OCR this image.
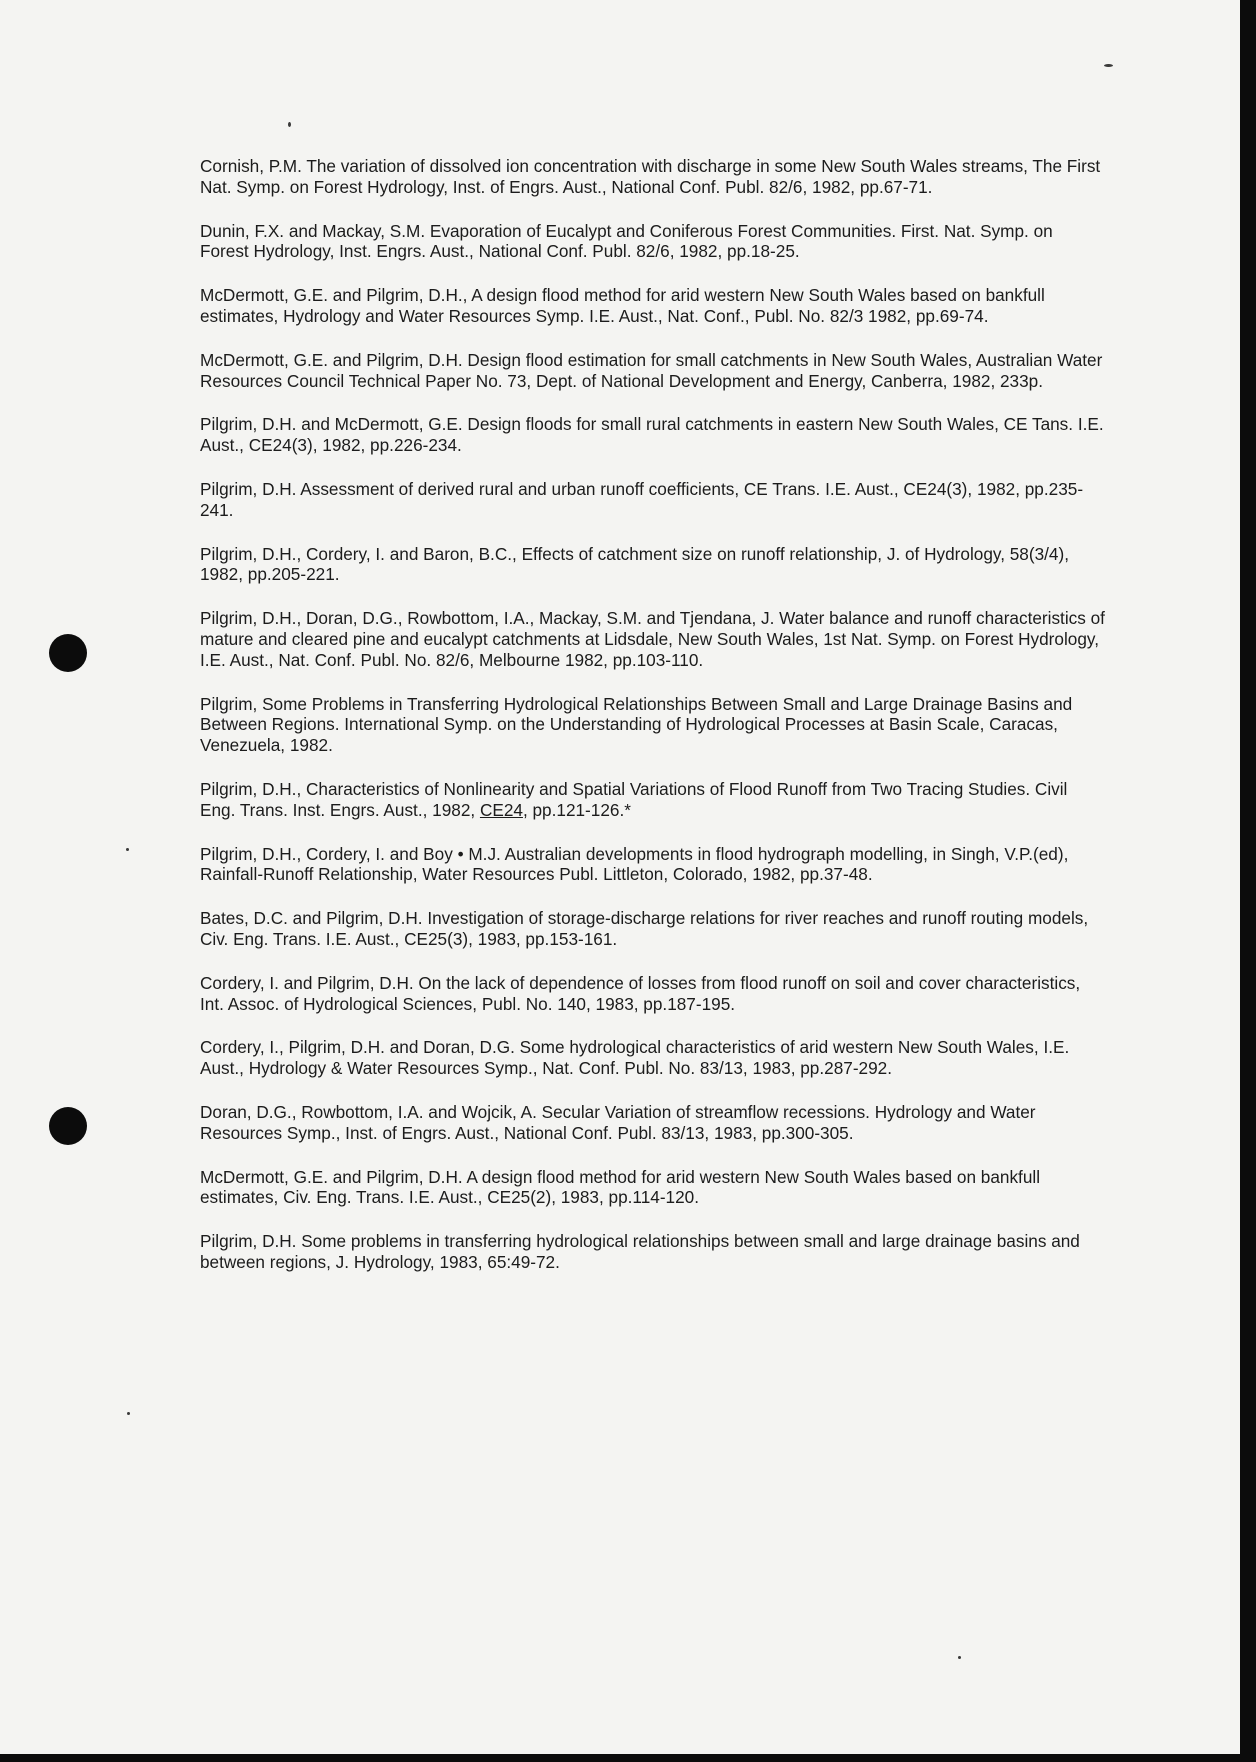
Cornish, P.M. The variation of dissolved ion concentration with discharge in some New South Wales streams, The First Nat. Symp. on Forest Hydrology, Inst. of Engrs. Aust., National Conf. Publ. 82/6, 1982, pp.67-71.
Dunin, F.X. and Mackay, S.M. Evaporation of Eucalypt and Coniferous Forest Communities. First. Nat. Symp. on Forest Hydrology, Inst. Engrs. Aust., National Conf. Publ. 82/6, 1982, pp.18-25.
McDermott, G.E. and Pilgrim, D.H., A design flood method for arid western New South Wales based on bankfull estimates, Hydrology and Water Resources Symp. I.E. Aust., Nat. Conf., Publ. No. 82/3 1982, pp.69-74.
McDermott, G.E. and Pilgrim, D.H. Design flood estimation for small catchments in New South Wales, Australian Water Resources Council Technical Paper No. 73, Dept. of National Development and Energy, Canberra, 1982, 233p.
Pilgrim, D.H. and McDermott, G.E. Design floods for small rural catchments in eastern New South Wales, CE Tans. I.E. Aust., CE24(3), 1982, pp.226-234.
Pilgrim, D.H. Assessment of derived rural and urban runoff coefficients, CE Trans. I.E. Aust., CE24(3), 1982, pp.235-241.
Pilgrim, D.H., Cordery, I. and Baron, B.C., Effects of catchment size on runoff relationship, J. of Hydrology, 58(3/4), 1982, pp.205-221.
Pilgrim, D.H., Doran, D.G., Rowbottom, I.A., Mackay, S.M. and Tjendana, J. Water balance and runoff characteristics of mature and cleared pine and eucalypt catchments at Lidsdale, New South Wales, 1st Nat. Symp. on Forest Hydrology, I.E. Aust., Nat. Conf. Publ. No. 82/6, Melbourne 1982, pp.103-110.
Pilgrim, Some Problems in Transferring Hydrological Relationships Between Small and Large Drainage Basins and Between Regions. International Symp. on the Understanding of Hydrological Processes at Basin Scale, Caracas, Venezuela, 1982.
Pilgrim, D.H., Characteristics of Nonlinearity and Spatial Variations of Flood Runoff from Two Tracing Studies. Civil Eng. Trans. Inst. Engrs. Aust., 1982, CE24, pp.121-126.*
Pilgrim, D.H., Cordery, I. and Boy • M.J. Australian developments in flood hydrograph modelling, in Singh, V.P.(ed), Rainfall-Runoff Relationship, Water Resources Publ. Littleton, Colorado, 1982, pp.37-48.
Bates, D.C. and Pilgrim, D.H. Investigation of storage-discharge relations for river reaches and runoff routing models, Civ. Eng. Trans. I.E. Aust., CE25(3), 1983, pp.153-161.
Cordery, I. and Pilgrim, D.H. On the lack of dependence of losses from flood runoff on soil and cover characteristics, Int. Assoc. of Hydrological Sciences, Publ. No. 140, 1983, pp.187-195.
Cordery, I., Pilgrim, D.H. and Doran, D.G. Some hydrological characteristics of arid western New South Wales, I.E. Aust., Hydrology & Water Resources Symp., Nat. Conf. Publ. No. 83/13, 1983, pp.287-292.
Doran, D.G., Rowbottom, I.A. and Wojcik, A. Secular Variation of streamflow recessions. Hydrology and Water Resources Symp., Inst. of Engrs. Aust., National Conf. Publ. 83/13, 1983, pp.300-305.
McDermott, G.E. and Pilgrim, D.H. A design flood method for arid western New South Wales based on bankfull estimates, Civ. Eng. Trans. I.E. Aust., CE25(2), 1983, pp.114-120.
Pilgrim, D.H. Some problems in transferring hydrological relationships between small and large drainage basins and between regions, J. Hydrology, 1983, 65:49-72.
